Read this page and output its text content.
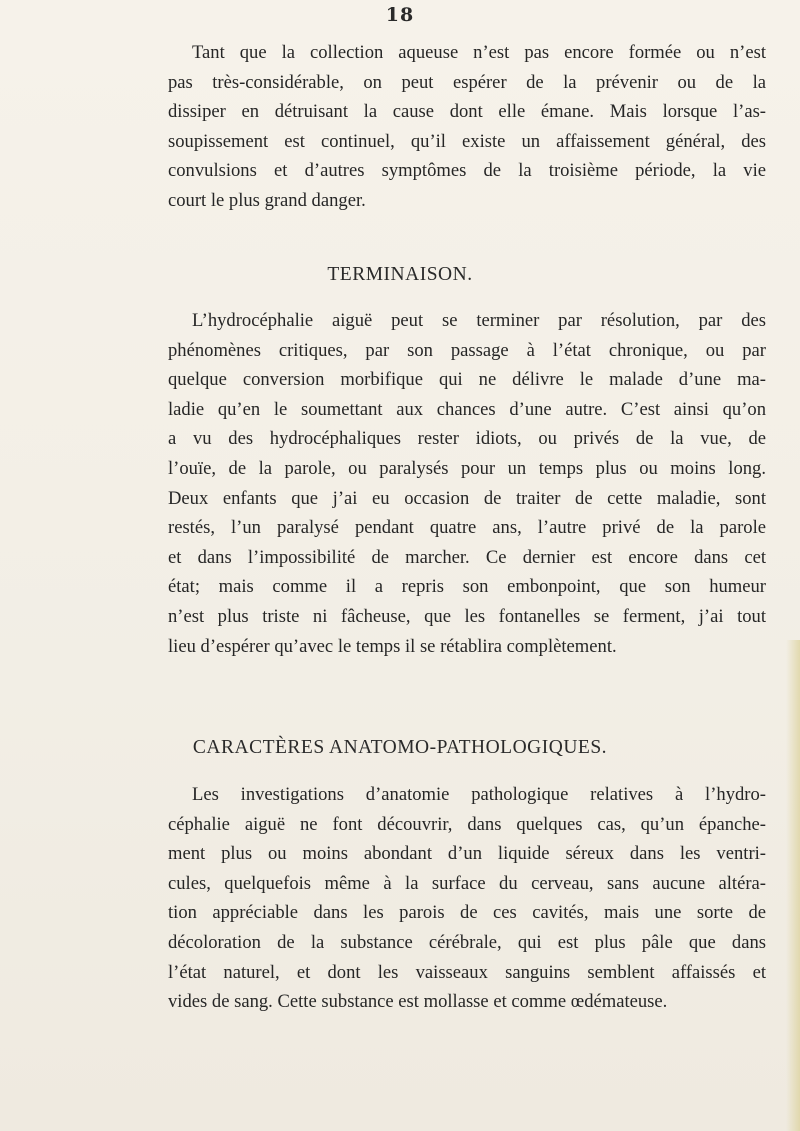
18
Tant que la collection aqueuse n’est pas encore formée ou n’est
pas très-considérable, on peut espérer de la prévenir ou de la
dissiper en détruisant la cause dont elle émane. Mais lorsque l’as-
soupissement est continuel, qu’il existe un affaissement général, des
convulsions et d’autres symptômes de la troisième période, la vie
court le plus grand danger.
TERMINAISON.
L’hydrocéphalie aiguë peut se terminer par résolution, par des
phénomènes critiques, par son passage à l’état chronique, ou par
quelque conversion morbifique qui ne délivre le malade d’une ma-
ladie qu’en le soumettant aux chances d’une autre. C’est ainsi qu’on
a vu des hydrocéphaliques rester idiots, ou privés de la vue, de
l’ouïe, de la parole, ou paralysés pour un temps plus ou moins long.
Deux enfants que j’ai eu occasion de traiter de cette maladie, sont
restés, l’un paralysé pendant quatre ans, l’autre privé de la parole
et dans l’impossibilité de marcher. Ce dernier est encore dans cet
état; mais comme il a repris son embonpoint, que son humeur
n’est plus triste ni fâcheuse, que les fontanelles se ferment, j’ai tout
lieu d’espérer qu’avec le temps il se rétablira complètement.
CARACTÈRES ANATOMO-PATHOLOGIQUES.
Les investigations d’anatomie pathologique relatives à l’hydro-
céphalie aiguë ne font découvrir, dans quelques cas, qu’un épanche-
ment plus ou moins abondant d’un liquide séreux dans les ventri-
cules, quelquefois même à la surface du cerveau, sans aucune altéra-
tion appréciable dans les parois de ces cavités, mais une sorte de
décoloration de la substance cérébrale, qui est plus pâle que dans
l’état naturel, et dont les vaisseaux sanguins semblent affaissés et
vides de sang. Cette substance est mollasse et comme œdémateuse.
